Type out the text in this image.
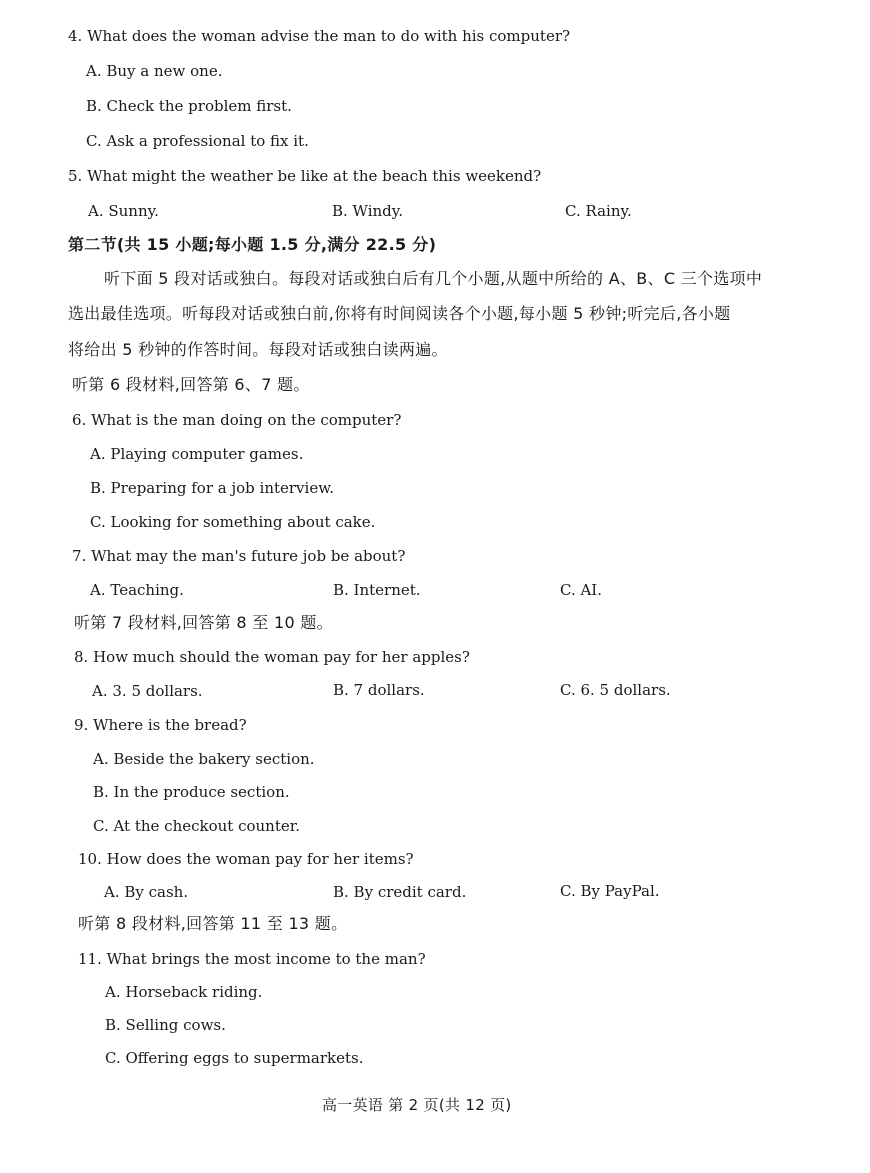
4. What does the woman advise the man to do with his computer?
A. Buy a new one.
B. Check the problem first.
C. Ask a professional to fix it.
5. What might the weather be like at the beach this weekend?
A. Sunny.	B. Windy.	C. Rainy.
第二节(共 15 小题;每小题 1.5 分,满分 22.5 分)
听下面 5 段对话或独白。每段对话或独白后有几个小题,从题中所给的 A、B、C 三个选项中
选出最佳选项。听每段对话或独白前,你将有时间阅读各个小题,每小题 5 秒钟;听完后,各小题
将给出 5 秒钟的作答时间。每段对话或独白读两遍。
听第 6 段材料,回答第 6、7 题。
6. What is the man doing on the computer?
A. Playing computer games.
B. Preparing for a job interview.
C. Looking for something about cake.
7. What may the man's future job be about?
A. Teaching.	B. Internet.	C. AI.
听第 7 段材料,回答第 8 至 10 题。
8. How much should the woman pay for her apples?
A. 3. 5 dollars.	B. 7 dollars.	C. 6. 5 dollars.
9. Where is the bread?
A. Beside the bakery section.
B. In the produce section.
C. At the checkout counter.
10. How does the woman pay for her items?
A. By cash.	B. By credit card.	C. By PayPal.
听第 8 段材料,回答第 11 至 13 题。
11. What brings the most income to the man?
A. Horseback riding.
B. Selling cows.
C. Offering eggs to supermarkets.
高一英语 第 2 页(共 12 页)
